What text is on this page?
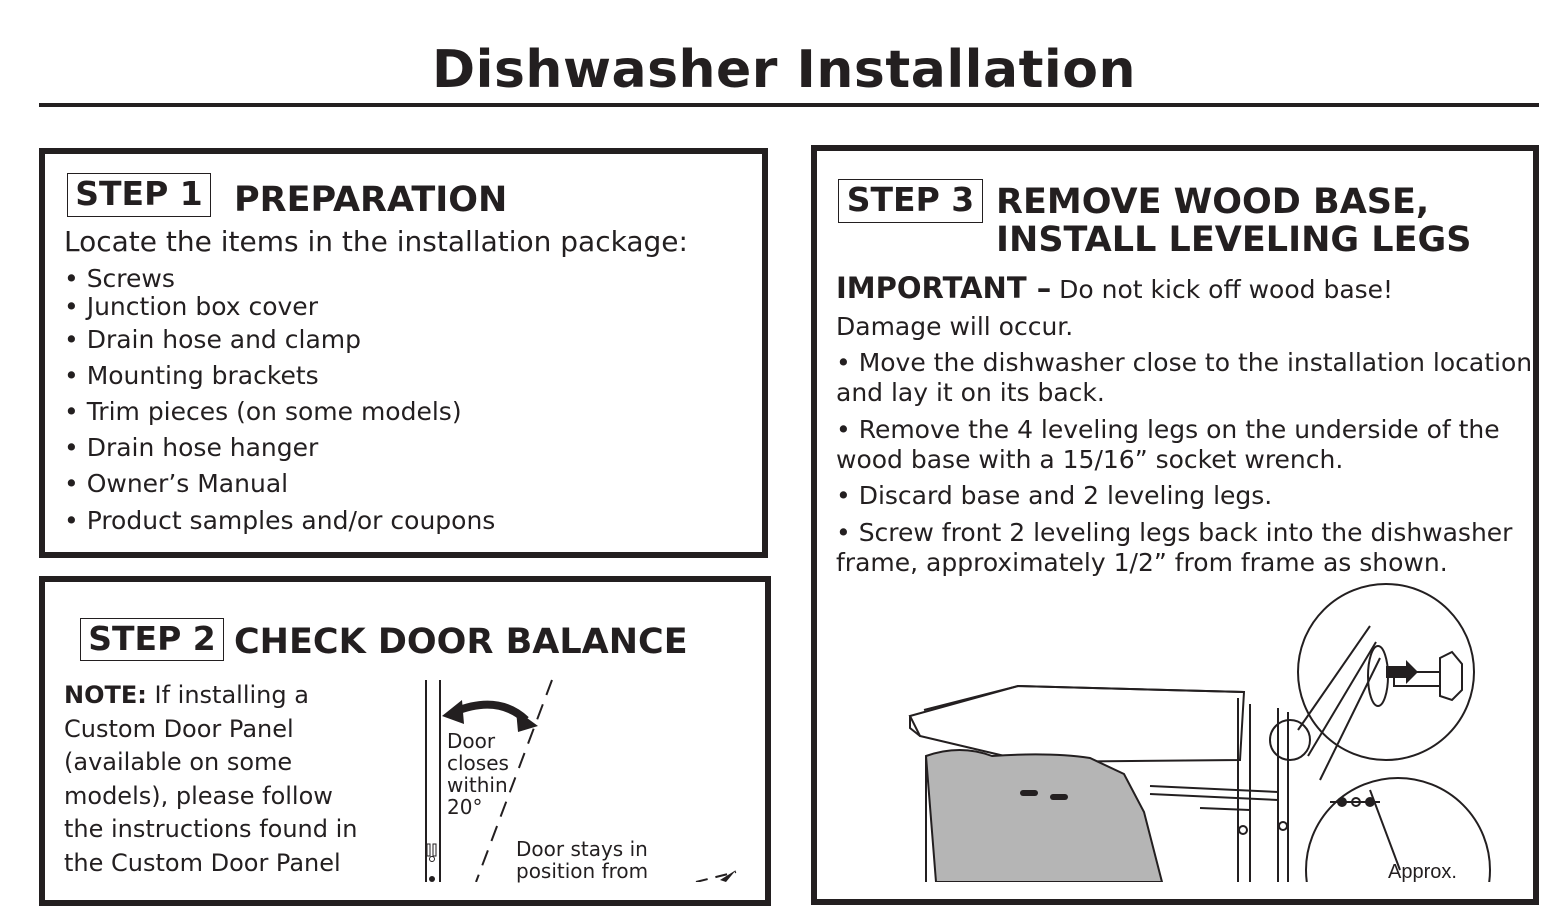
Dishwasher Installation
STEP 1 PREPARATION
Locate the items in the installation package:
• Screws
• Junction box cover
• Drain hose and clamp
• Mounting brackets
• Trim pieces (on some models)
• Drain hose hanger
• Owner’s Manual
• Product samples and/or coupons
STEP 2 CHECK DOOR BALANCE
NOTE: If installing a
Custom Door Panel
(available on some
models), please follow
the instructions found in
the Custom Door Panel
Door
closes
within
20°
Door stays in
position from
STEP 3 REMOVE WOOD BASE,
INSTALL LEVELING LEGS
IMPORTANT – Do not kick off wood base!
Damage will occur.
• Move the dishwasher close to the installation location
and lay it on its back.
• Remove the 4 leveling legs on the underside of the
wood base with a 15/16” socket wrench.
• Discard base and 2 leveling legs.
• Screw front 2 leveling legs back into the dishwasher
frame, approximately 1/2” from frame as shown.
Approx.
